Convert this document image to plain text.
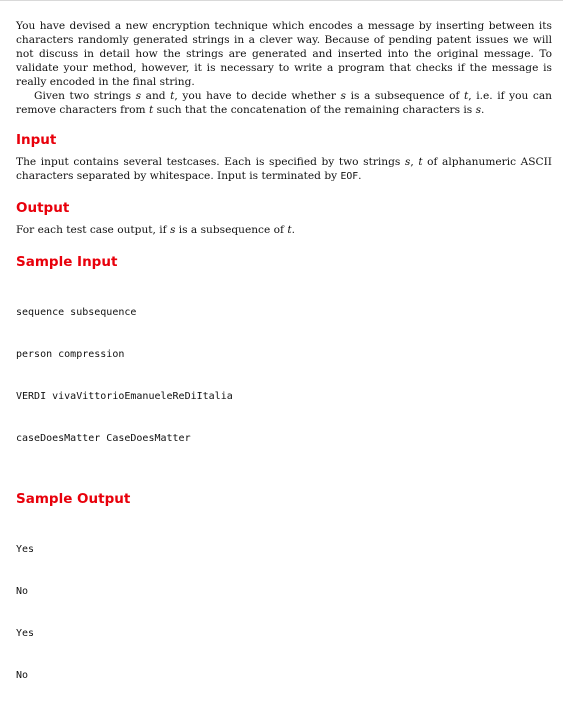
You have devised a new encryption technique which encodes a message by inserting between its characters randomly generated strings in a clever way. Because of pending patent issues we will not discuss in detail how the strings are generated and inserted into the original message. To validate your method, however, it is necessary to write a program that checks if the message is really encoded in the final string.

Given two strings s and t, you have to decide whether s is a subsequence of t, i.e. if you can remove characters from t such that the concatenation of the remaining characters is s.

Input

The input contains several testcases. Each is specified by two strings s, t of alphanumeric ASCII characters separated by whitespace. Input is terminated by EOF.

Output

For each test case output, if s is a subsequence of t.

Sample Input

sequence subsequence

person compression

VERDI vivaVittorioEmanueleReDiItalia

caseDoesMatter CaseDoesMatter

Sample Output

Yes

No

Yes

No
